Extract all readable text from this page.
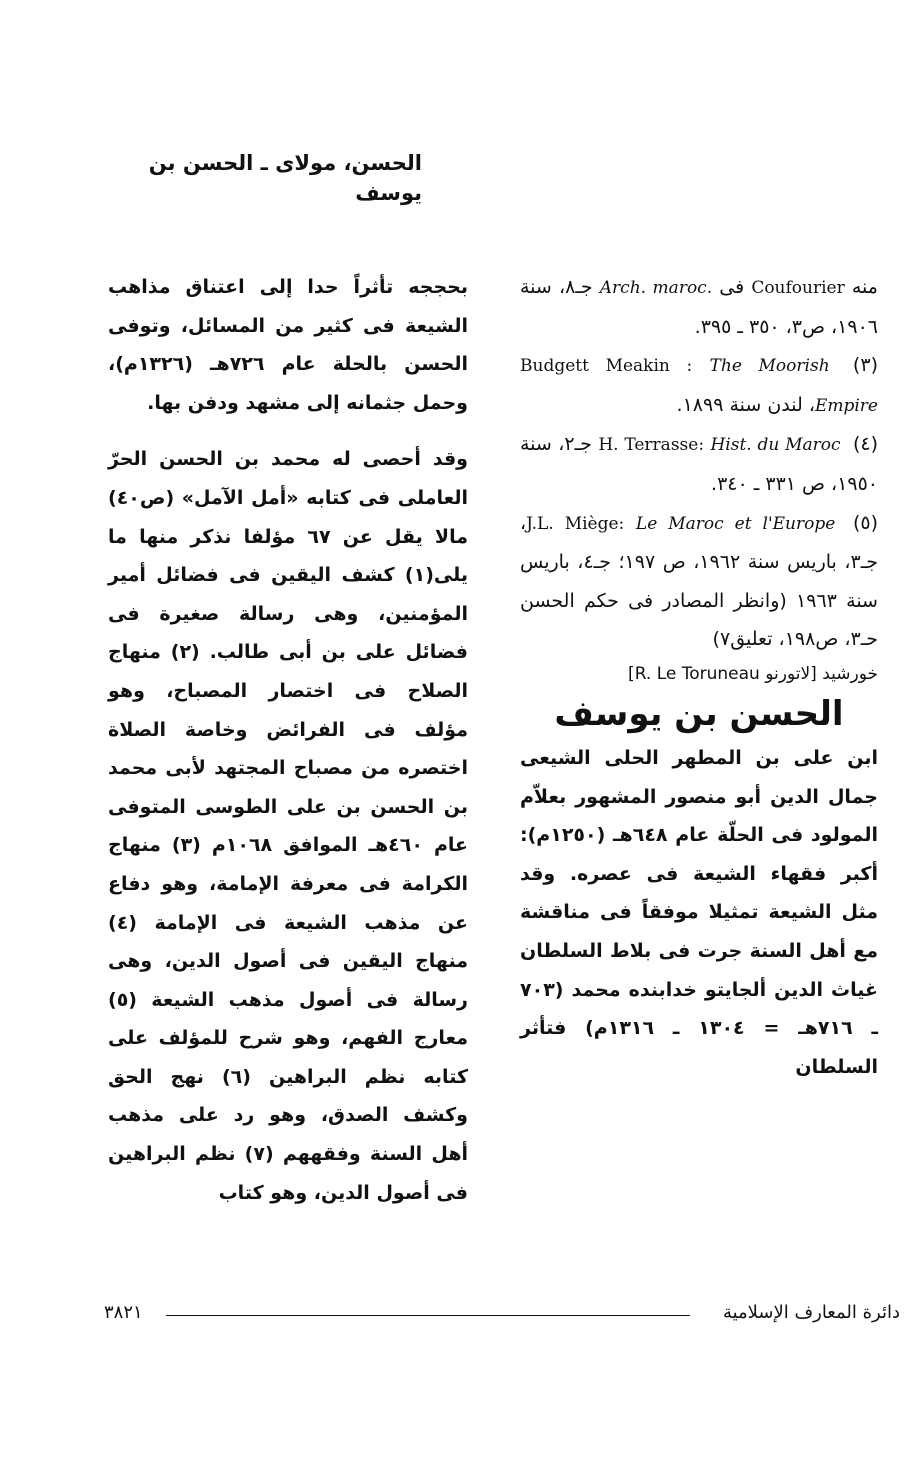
الحسن، مولاى ـ الحسن بن يوسف

منه Coufourier فى Arch. maroc. جـ٨، سنة ١٩٠٦، ص٣، ٣٥٠ ـ ٣٩٥.

(٣) Budgett Meakin : The Moorish Empire، لندن سنة ١٨٩٩.

(٤) H. Terrasse: Hist. du Maroc جـ٢، سنة ١٩٥٠، ص ٣٣١ ـ ٣٤٠.

(٥) J.L. Miège: Le Maroc et l'Europe، جـ٣، باريس سنة ١٩٦٢، ص ١٩٧؛ جـ٤، باريس سنة ١٩٦٣ (وانظر المصادر فى حكم الحسن حـ٣، ص١٩٨، تعليق٧)

خورشيد [لاتورنو R. Le Toruneau]

الحسن بن يوسف

ابن على بن المطهر الحلى الشيعى جمال الدين أبو منصور المشهور بعلاّم المولود فى الحلّة عام ٦٤٨هـ (١٢٥٠م): أكبر فقهاء الشيعة فى عصره. وقد مثل الشيعة تمثيلا موفقاً فى مناقشة مع أهل السنة جرت فى بلاط السلطان غياث الدين ألجايتو خدابنده محمد (٧٠٣ ـ ٧١٦هـ = ١٣٠٤ ـ ١٣١٦م) فتأثر السلطان

بحججه تأثراً حدا إلى اعتناق مذاهب الشيعة فى كثير من المسائل، وتوفى الحسن بالحلة عام ٧٢٦هـ (١٣٢٦م)، وحمل جثمانه إلى مشهد ودفن بها.

وقد أحصى له محمد بن الحسن الحرّ العاملى فى كتابه «أمل الآمل» (ص٤٠) مالا يقل عن ٦٧ مؤلفا نذكر منها ما يلى(١) كشف اليقين فى فضائل أمير المؤمنين، وهى رسالة صغيرة فى فضائل على بن أبى طالب. (٢) منهاج الصلاح فى اختصار المصباح، وهو مؤلف فى الفرائض وخاصة الصلاة اختصره من مصباح المجتهد لأبى محمد بن الحسن بن على الطوسى المتوفى عام ٤٦٠هـ الموافق ١٠٦٨م (٣) منهاج الكرامة فى معرفة الإمامة، وهو دفاع عن مذهب الشيعة فى الإمامة (٤) منهاج اليقين فى أصول الدين، وهى رسالة فى أصول مذهب الشيعة (٥) معارج الفهم، وهو شرح للمؤلف على كتابه نظم البراهين (٦) نهج الحق وكشف الصدق، وهو رد على مذهب أهل السنة وفقههم (٧) نظم البراهين فى أصول الدين، وهو كتاب

دائرة المعارف الإسلامية
٣٨٢١
